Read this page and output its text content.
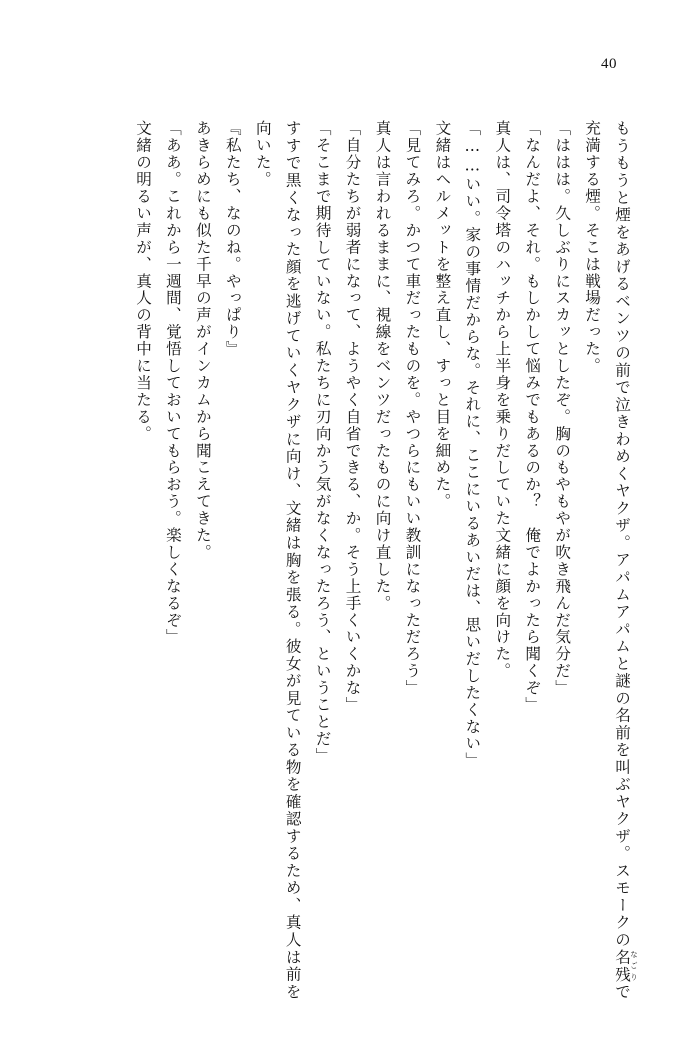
40

もうもうと煙をあげるベンツの前で泣きわめくヤクザ。アパムアパムと謎の名前を叫ぶヤクザ。スモークの名残なごりで充満する煙。そこは戦場だった。

「ははは。久しぶりにスカッとしたぞ。胸のもやもやが吹き飛んだ気分だ」

「なんだよ、それ。もしかして悩みでもあるのか？　俺でよかったら聞くぞ」

真人は、司令塔のハッチから上半身を乗りだしていた文緒に顔を向けた。

「……いい。家の事情だからな。それに、ここにいるあいだは、思いだしたくない」

文緒はヘルメットを整え直し、すっと目を細めた。

「見てみろ。かつて車だったものを。やつらにもいい教訓になっただろう」

真人は言われるままに、視線をベンツだったものに向け直した。

「自分たちが弱者になって、ようやく自省できる、か。そう上手くいくかな」

「そこまで期待していない。私たちに刃向かう気がなくなったろう、ということだ」

すすで黒くなった顔を逃げていくヤクザに向け、文緒は胸を張る。彼女が見ている物を確認するため、真人は前を向いた。

『私たち、なのね。やっぱり』

あきらめにも似た千早の声がインカムから聞こえてきた。

「ああ。これから一週間、覚悟しておいてもらおう。楽しくなるぞ」

文緒の明るい声が、真人の背中に当たる。
